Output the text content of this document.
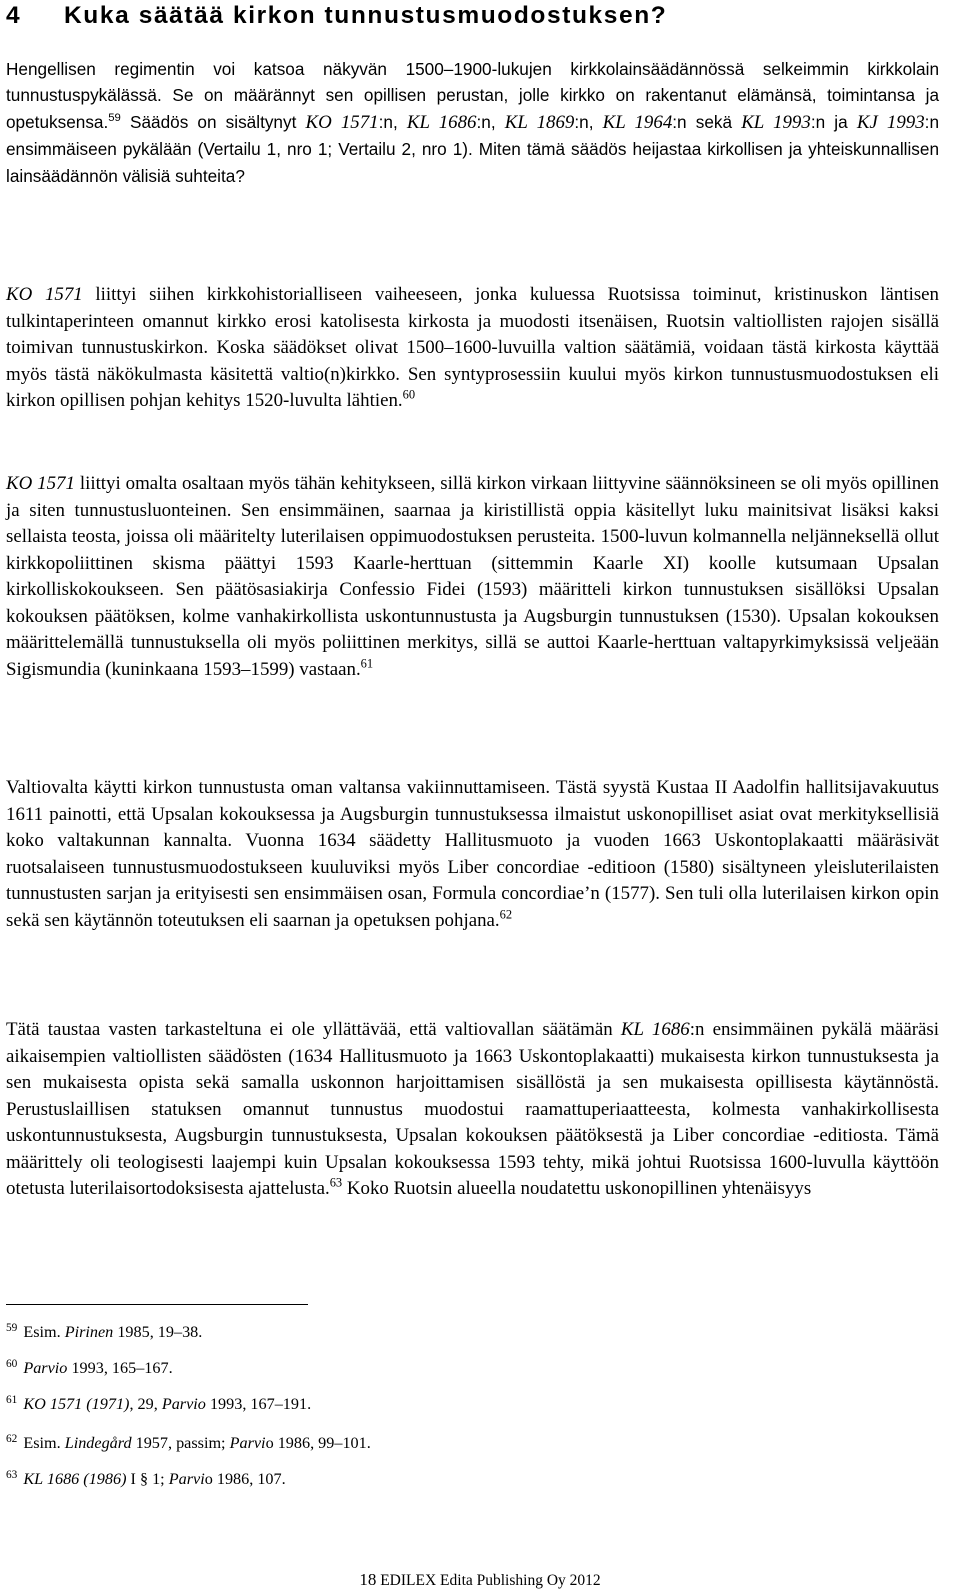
4 Kuka säätää kirkon tunnustusmuodostuksen?

Hengellisen regimentin voi katsoa näkyvän 1500–1900-lukujen kirkkolainsäädännössä selkeimmin kirkkolain tunnustuspykälässä. Se on määrännyt sen opillisen perustan, jolle kirkko on rakentanut elämänsä, toimintansa ja opetuksensa.$^{59}$ Säädös on sisältynyt KO 1571:n, KL 1686:n, KL 1869:n, KL 1964:n sekä KL 1993:n ja KJ 1993:n ensimmäiseen pykälään (Vertailu 1, nro 1; Vertailu 2, nro 1). Miten tämä säädös heijastaa kirkollisen ja yhteiskunnallisen lainsäädännön välisiä suhteita?

KO 1571 liittyi siihen kirkkohistorialliseen vaiheeseen, jonka kuluessa Ruotsissa toiminut, kristinuskon läntisen tulkintaperinteen omannut kirkko erosi katolisesta kirkosta ja muodosti itsenäisen, Ruotsin valtiollisten rajojen sisällä toimivan tunnustuskirkon. Koska säädökset olivat 1500–1600-luvuilla valtion säätämiä, voidaan tästä kirkosta käyttää myös tästä näkökulmasta käsitettä valtio(n)kirkko. Sen syntyprosessiin kuului myös kirkon tunnustusmuodostuksen eli kirkon opillisen pohjan kehitys 1520-luvulta lähtien.$^{60}$

KO 1571 liittyi omalta osaltaan myös tähän kehitykseen, sillä kirkon virkaan liittyvine säännöksineen se oli myös opillinen ja siten tunnustusluonteinen. Sen ensimmäinen, saarnaa ja kiristillistä oppia käsitellyt luku mainitsivat lisäksi kaksi sellaista teosta, joissa oli määritelty luterilaisen oppimuodostuksen perusteita. 1500-luvun kolmannella neljänneksellä ollut kirkkopoliittinen skisma päättyi 1593 Kaarle-herttuan (sittemmin Kaarle XI) koolle kutsumaan Upsalan kirkolliskokoukseen. Sen päätösasiakirja Confessio Fidei (1593) määritteli kirkon tunnustuksen sisällöksi Upsalan kokouksen päätöksen, kolme vanhakirkollista uskontunnustusta ja Augsburgin tunnustuksen (1530). Upsalan kokouksen määrittelemällä tunnustuksella oli myös poliittinen merkitys, sillä se auttoi Kaarle-herttuan valtapyrkimyksissä veljeään Sigismundia (kuninkaana 1593–1599) vastaan.$^{61}$

Valtiovalta käytti kirkon tunnustusta oman valtansa vakiinnuttamiseen. Tästä syystä Kustaa II Aadolfin hallitsijavakuutus 1611 painotti, että Upsalan kokouksessa ja Augsburgin tunnustuksessa ilmaistut uskonopilliset asiat ovat merkityksellisiä koko valtakunnan kannalta. Vuonna 1634 säädetty Hallitusmuoto ja vuoden 1663 Uskontoplakaatti määräsivät ruotsalaiseen tunnustusmuodostukseen kuuluviksi myös Liber concordiae -editioon (1580) sisältyneen yleisluterilaisten tunnustusten sarjan ja erityisesti sen ensimmäisen osan, Formula concordiae’n (1577). Sen tuli olla luterilaisen kirkon opin sekä sen käytännön toteutuksen eli saarnan ja opetuksen pohjana.$^{62}$

Tätä taustaa vasten tarkasteltuna ei ole yllättävää, että valtiovallan säätämän KL 1686:n ensimmäinen pykälä määräsi aikaisempien valtiollisten säädösten (1634 Hallitusmuoto ja 1663 Uskontoplakaatti) mukaisesta kirkon tunnustuksesta ja sen mukaisesta opista sekä samalla uskonnon harjoittamisen sisällöstä ja sen mukaisesta opillisesta käytännöstä. Perustuslaillisen statuksen omannut tunnustus muodostui raamattuperiaatteesta, kolmesta vanhakirkollisesta uskontunnustuksesta, Augsburgin tunnustuksesta, Upsalan kokouksen päätöksestä ja Liber concordiae -editiosta. Tämä määrittely oli teologisesti laajempi kuin Upsalan kokouksessa 1593 tehty, mikä johtui Ruotsissa 1600-luvulla käyttöön otetusta luterilaisortodoksisesta ajattelusta.$^{63}$ Koko Ruotsin alueella noudatettu uskonopillinen yhtenäisyys

$^{59}$ Esim. Pirinen 1985, 19–38.

$^{60}$ Parvio 1993, 165–167.

$^{61}$ KO 1571 (1971), 29, Parvio 1993, 167–191.

$^{62}$ Esim. Lindegård 1957, passim; Parvio 1986, 99–101.

$^{63}$ KL 1686 (1986) I § 1; Parvio 1986, 107.

18 EDILEX Edita Publishing Oy 2012
